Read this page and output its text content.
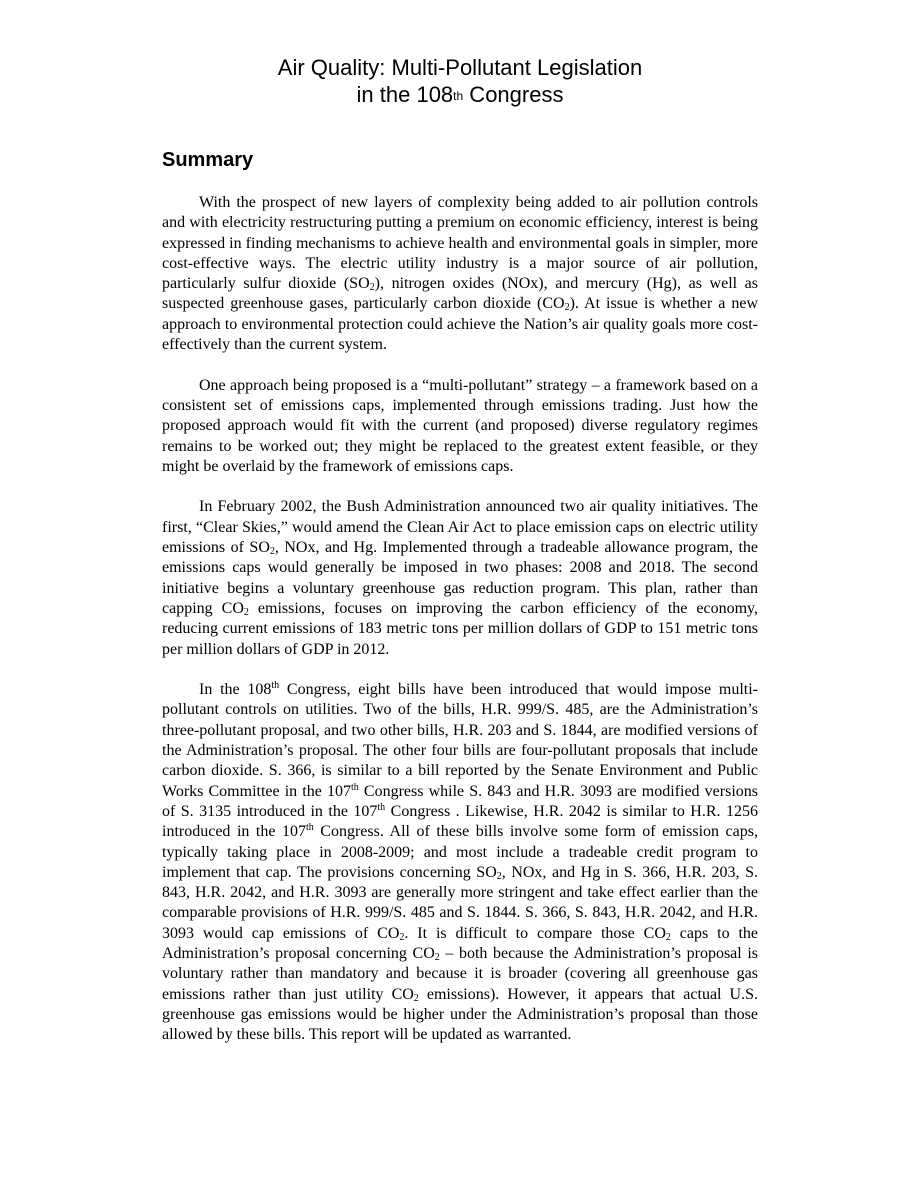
Air Quality: Multi-Pollutant Legislation
in the 108th Congress
Summary

With the prospect of new layers of complexity being added to air pollution controls and with electricity restructuring putting a premium on economic efficiency, interest is being expressed in finding mechanisms to achieve health and environmental goals in simpler, more cost-effective ways. The electric utility industry is a major source of air pollution, particularly sulfur dioxide $(SO_2)$, nitrogen oxides (NOx), and mercury (Hg), as well as suspected greenhouse gases, particularly carbon dioxide $(CO_2)$. At issue is whether a new approach to environmental protection could achieve the Nation’s air quality goals more cost-effectively than the current system.

One approach being proposed is a “multi-pollutant” strategy – a framework based on a consistent set of emissions caps, implemented through emissions trading. Just how the proposed approach would fit with the current (and proposed) diverse regulatory regimes remains to be worked out; they might be replaced to the greatest extent feasible, or they might be overlaid by the framework of emissions caps.

In February 2002, the Bush Administration announced two air quality initiatives. The first, “Clear Skies,” would amend the Clean Air Act to place emission caps on electric utility emissions of $SO_2$, NOx, and Hg. Implemented through a tradeable allowance program, the emissions caps would generally be imposed in two phases: 2008 and 2018. The second initiative begins a voluntary greenhouse gas reduction program. This plan, rather than capping $CO_2$ emissions, focuses on improving the carbon efficiency of the economy, reducing current emissions of 183 metric tons per million dollars of GDP to 151 metric tons per million dollars of GDP in 2012.

In the 108th Congress, eight bills have been introduced that would impose multi-pollutant controls on utilities. Two of the bills, H.R. 999/S. 485, are the Administration’s three-pollutant proposal, and two other bills, H.R. 203 and S. 1844, are modified versions of the Administration’s proposal. The other four bills are four-pollutant proposals that include carbon dioxide. S. 366, is similar to a bill reported by the Senate Environment and Public Works Committee in the 107th Congress while S. 843 and H.R. 3093 are modified versions of S. 3135 introduced in the 107th Congress . Likewise, H.R. 2042 is similar to H.R. 1256 introduced in the 107th Congress. All of these bills involve some form of emission caps, typically taking place in 2008-2009; and most include a tradeable credit program to implement that cap. The provisions concerning $SO_2$, NOx, and Hg in S. 366, H.R. 203, S. 843, H.R. 2042, and H.R. 3093 are generally more stringent and take effect earlier than the comparable provisions of H.R. 999/S. 485 and S. 1844. S. 366, S. 843, H.R. 2042, and H.R. 3093 would cap emissions of $CO_2$. It is difficult to compare those $CO_2$ caps to the Administration’s proposal concerning $CO_2$ – both because the Administration’s proposal is voluntary rather than mandatory and because it is broader (covering all greenhouse gas emissions rather than just utility $CO_2$ emissions). However, it appears that actual U.S. greenhouse gas emissions would be higher under the Administration’s proposal than those allowed by these bills. This report will be updated as warranted.
